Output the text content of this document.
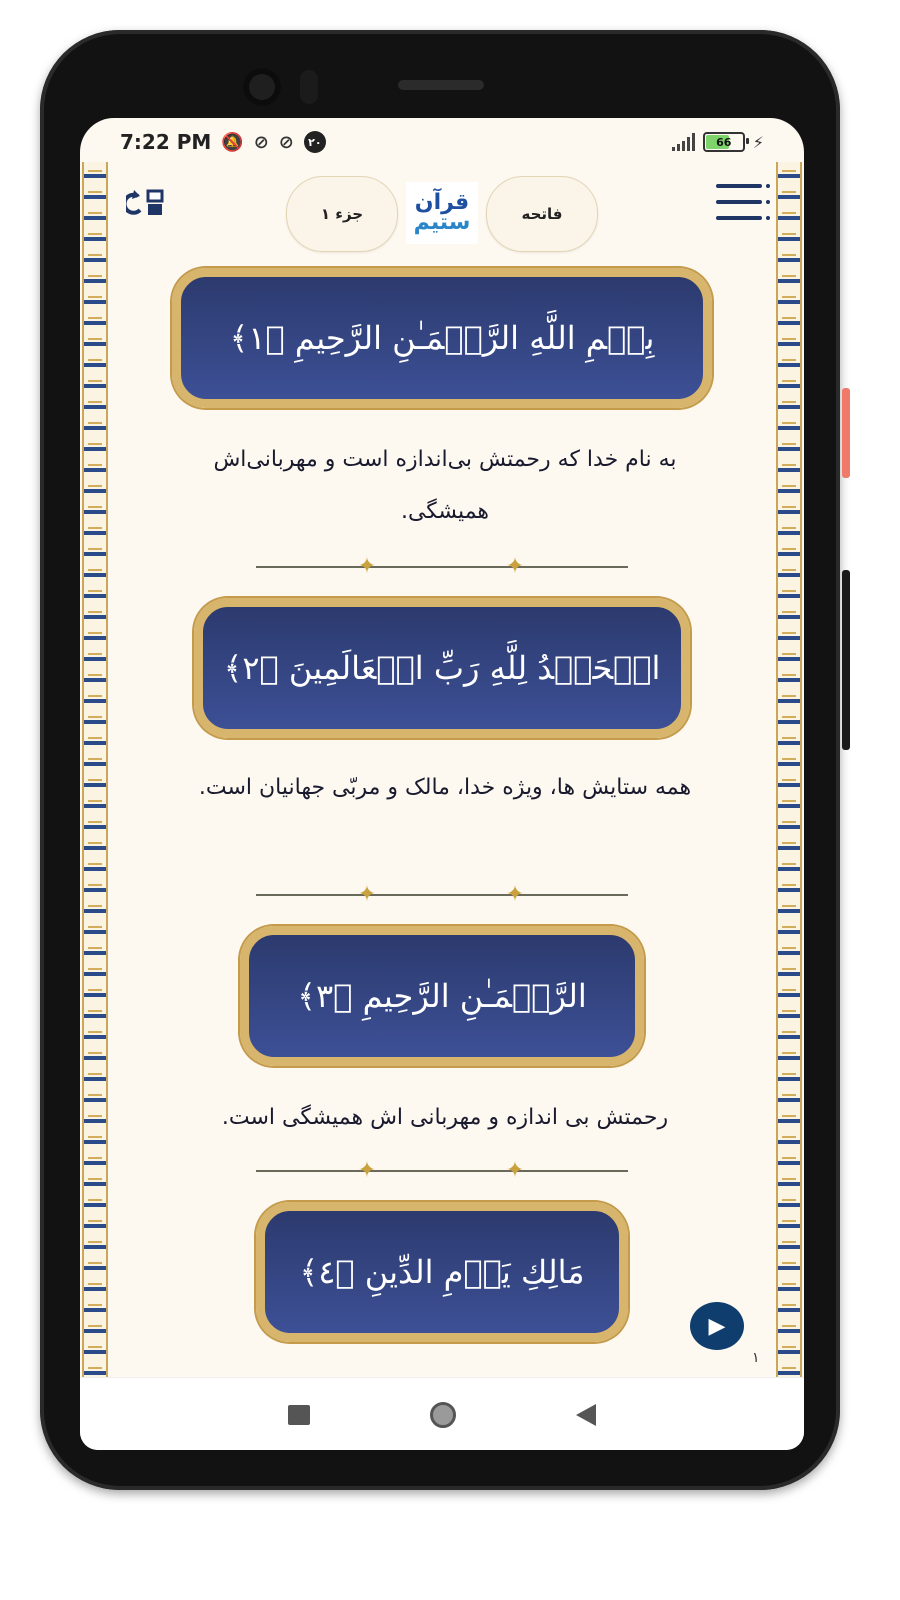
7:22 PM 🔕 ⊘ ⊘	۲۰	66 ⚡
جزء ۱ قرآن
ستیم	فاتحه
بِسۡمِ اللَّهِ الرَّحۡمَـٰنِ الرَّحِيمِ ﴿١﴾
به نام خدا که رحمتش بی‌اندازه است و مهربانی‌اش همیشگی.
✦	✦
الۡحَمۡدُ لِلَّهِ رَبِّ الۡعَالَمِينَ ﴿٢﴾
همه ستایش ها، ویژه خدا، مالک و مربّی جهانیان است.
✦	✦
الرَّحۡمَـٰنِ الرَّحِيمِ ﴿٣﴾
رحمتش بی اندازه و مهربانی اش همیشگی است.
✦	✦
مَالِكِ يَوۡمِ الدِّينِ ﴿٤﴾
▶
۱
